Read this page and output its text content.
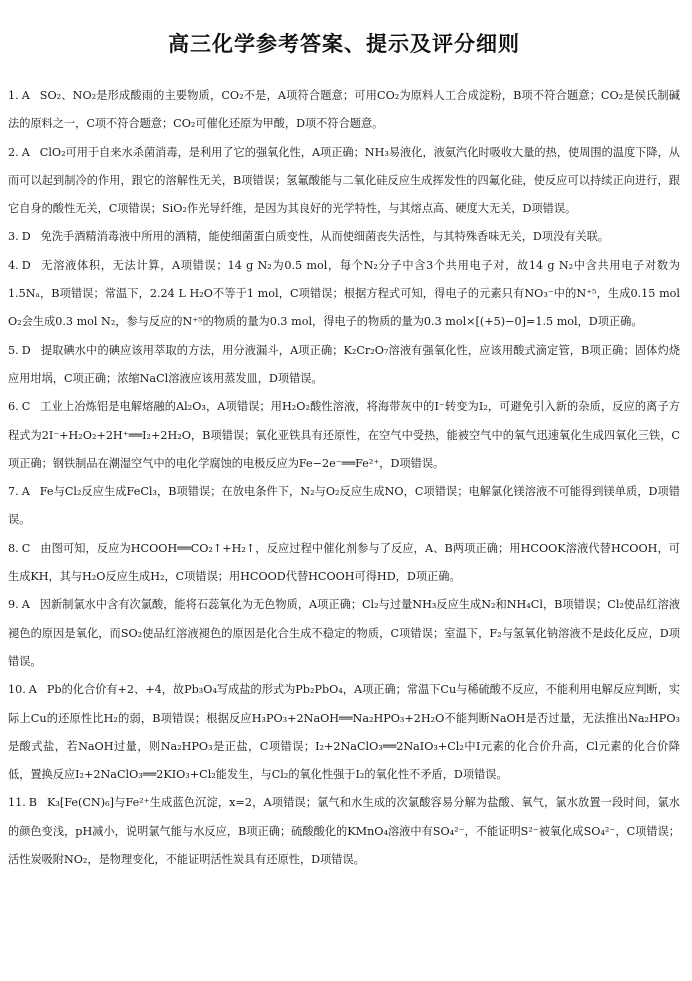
高三化学参考答案、提示及评分细则

1. A SO₂、NO₂是形成酸雨的主要物质，CO₂不是，A项符合题意；可用CO₂为原料人工合成淀粉，B项不符合题意；CO₂是侯氏制碱法的原料之一，C项不符合题意；CO₂可催化还原为甲酸，D项不符合题意。

2. A ClO₂可用于自来水杀菌消毒，是利用了它的强氧化性，A项正确；NH₃易液化，液氨汽化时吸收大量的热，使周围的温度下降，从而可以起到制冷的作用，跟它的溶解性无关，B项错误；氢氟酸能与二氧化硅反应生成挥发性的四氟化硅，使反应可以持续正向进行，跟它自身的酸性无关，C项错误；SiO₂作光导纤维，是因为其良好的光学特性，与其熔点高、硬度大无关，D项错误。

3. D 免洗手酒精消毒液中所用的酒精，能使细菌蛋白质变性，从而使细菌丧失活性，与其特殊香味无关，D项没有关联。

4. D 无溶液体积，无法计算，A项错误；14 g N₂为0.5 mol，每个N₂分子中含3个共用电子对，故14 g N₂中含共用电子对数为1.5Nₐ，B项错误；常温下，2.24 L H₂O不等于1 mol，C项错误；根据方程式可知，得电子的元素只有NO₃⁻中的N⁺⁵，生成0.15 mol O₂会生成0.3 mol N₂，参与反应的N⁺⁵的物质的量为0.3 mol，得电子的物质的量为0.3 mol×[(+5)−0]=1.5 mol，D项正确。

5. D 提取碘水中的碘应该用萃取的方法，用分液漏斗，A项正确；K₂Cr₂O₇溶液有强氧化性，应该用酸式滴定管，B项正确；固体灼烧应用坩埚，C项正确；浓缩NaCl溶液应该用蒸发皿，D项错误。

6. C 工业上冶炼铝是电解熔融的Al₂O₃，A项错误；用H₂O₂酸性溶液，将海带灰中的I⁻转变为I₂，可避免引入新的杂质，反应的离子方程式为2I⁻+H₂O₂+2H⁺══I₂+2H₂O，B项错误；氧化亚铁具有还原性，在空气中受热，能被空气中的氧气迅速氧化生成四氧化三铁，C项正确；钢铁制品在潮湿空气中的电化学腐蚀的电极反应为Fe−2e⁻══Fe²⁺，D项错误。

7. A Fe与Cl₂反应生成FeCl₃，B项错误；在放电条件下，N₂与O₂反应生成NO，C项错误；电解氯化镁溶液不可能得到镁单质，D项错误。

8. C 由图可知，反应为HCOOH══CO₂↑+H₂↑，反应过程中催化剂参与了反应，A、B两项正确；用HCOOK溶液代替HCOOH，可生成KH，其与H₂O反应生成H₂，C项错误；用HCOOD代替HCOOH可得HD，D项正确。

9. A 因新制氯水中含有次氯酸，能将石蕊氧化为无色物质，A项正确；Cl₂与过量NH₃反应生成N₂和NH₄Cl，B项错误；Cl₂使品红溶液褪色的原因是氧化，而SO₂使品红溶液褪色的原因是化合生成不稳定的物质，C项错误；室温下，F₂与氢氧化钠溶液不是歧化反应，D项错误。

10. A Pb的化合价有+2、+4，故Pb₃O₄写成盐的形式为Pb₂PbO₄，A项正确；常温下Cu与稀硫酸不反应，不能利用电解反应判断，实际上Cu的还原性比H₂的弱，B项错误；根据反应H₃PO₃+2NaOH══Na₂HPO₃+2H₂O不能判断NaOH是否过量，无法推出Na₂HPO₃是酸式盐，若NaOH过量，则Na₂HPO₃是正盐，C项错误；I₂+2NaClO₃══2NaIO₃+Cl₂中I元素的化合价升高，Cl元素的化合价降低，置换反应I₂+2NaClO₃══2KIO₃+Cl₂能发生，与Cl₂的氧化性强于I₂的氧化性不矛盾，D项错误。

11. B K₃[Fe(CN)₆]与Fe²⁺生成蓝色沉淀，x=2，A项错误；氯气和水生成的次氯酸容易分解为盐酸、氧气，氯水放置一段时间，氯水的颜色变浅，pH减小，说明氯气能与水反应，B项正确；硫酸酸化的KMnO₄溶液中有SO₄²⁻，不能证明S²⁻被氧化成SO₄²⁻，C项错误；活性炭吸附NO₂，是物理变化，不能证明活性炭具有还原性，D项错误。
